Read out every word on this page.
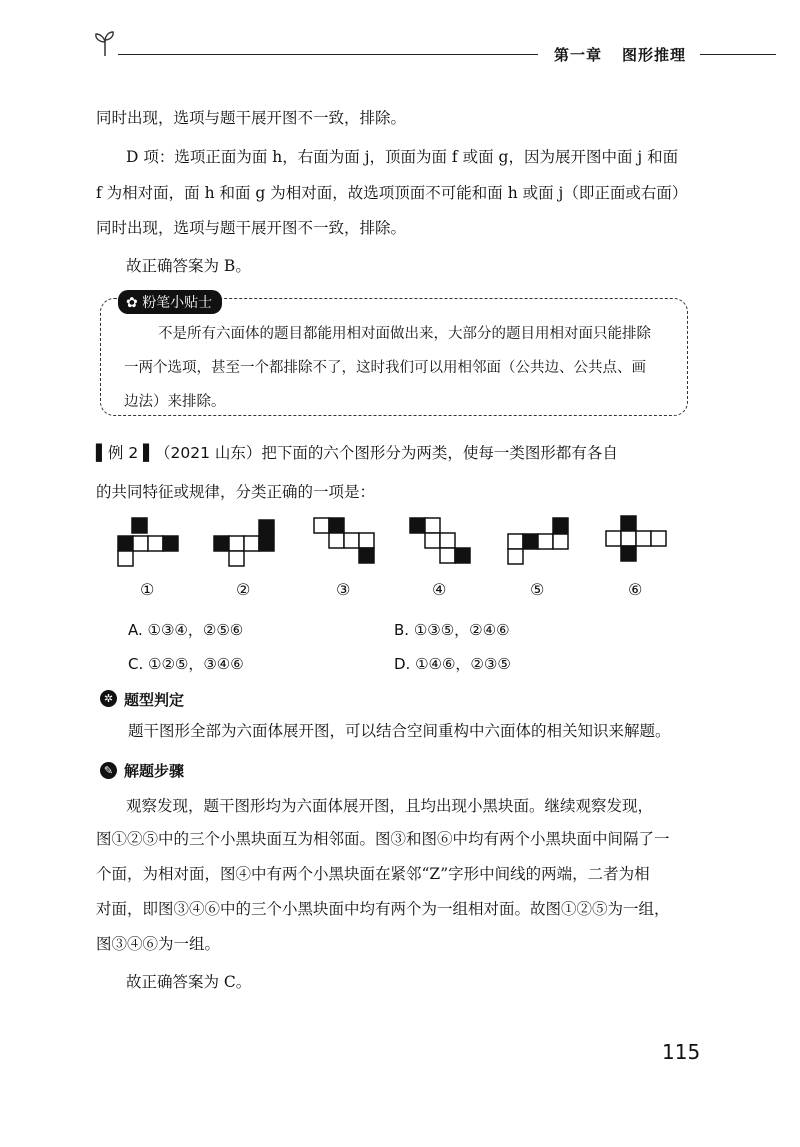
第一章 图形推理
同时出现，选项与题干展开图不一致，排除。
D 项：选项正面为面 h，右面为面 j，顶面为面 f 或面 g，因为展开图中面 j 和面
f 为相对面，面 h 和面 g 为相对面，故选项顶面不可能和面 h 或面 j（即正面或右面）
同时出现，选项与题干展开图不一致，排除。
故正确答案为 B。
✿ 粉笔小贴士
不是所有六面体的题目都能用相对面做出来，大部分的题目用相对面只能排除
一两个选项，甚至一个都排除不了，这时我们可以用相邻面（公共边、公共点、画
边法）来排除。
▌例 2 ▌（2021 山东）把下面的六个图形分为两类，使每一类图形都有各自
的共同特征或规律，分类正确的一项是：
①	②	③	④	⑤	⑥
A. ①③④，②⑤⑥	B. ①③⑤，②④⑥
C. ①②⑤，③④⑥	D. ①④⑥，②③⑤
✲ 题型判定
题干图形全部为六面体展开图，可以结合空间重构中六面体的相关知识来解题。
✎ 解题步骤
观察发现，题干图形均为六面体展开图，且均出现小黑块面。继续观察发现，
图①②⑤中的三个小黑块面互为相邻面。图③和图⑥中均有两个小黑块面中间隔了一
个面，为相对面，图④中有两个小黑块面在紧邻“Z”字形中间线的两端，二者为相
对面，即图③④⑥中的三个小黑块面中均有两个为一组相对面。故图①②⑤为一组，
图③④⑥为一组。
故正确答案为 C。
115
